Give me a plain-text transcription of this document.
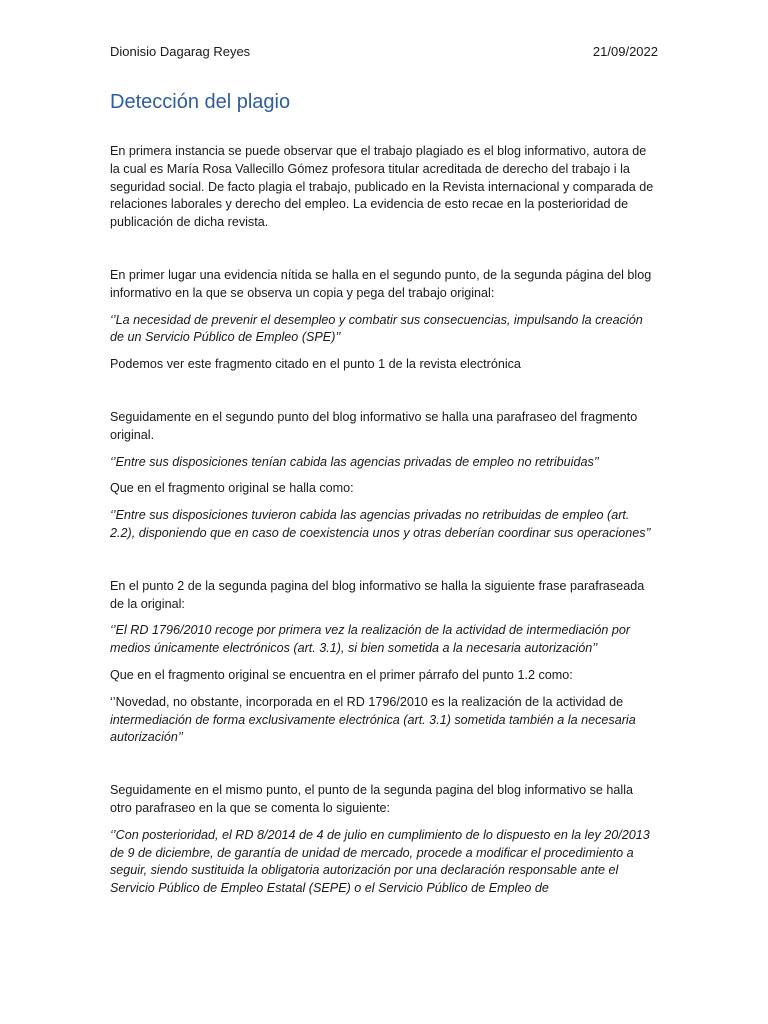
Dionisio Dagarag Reyes	21/09/2022
Detección del plagio

En primera instancia se puede observar que el trabajo plagiado es el blog informativo, autora de la cual es María Rosa Vallecillo Gómez profesora titular acreditada de derecho del trabajo i la seguridad social. De facto plagia el trabajo, publicado en la Revista internacional y comparada de relaciones laborales y derecho del empleo. La evidencia de esto recae en la posterioridad de publicación de dicha revista.

En primer lugar una evidencia nítida se halla en el segundo punto, de la segunda página del blog informativo en la que se observa un copia y pega del trabajo original:

‘’La necesidad de prevenir el desempleo y combatir sus consecuencias, impulsando la creación de un Servicio Público de Empleo (SPE)’’

Podemos ver este fragmento citado en el punto 1 de la revista electrónica

Seguidamente en el segundo punto del blog informativo se halla una parafraseo del fragmento original.

‘’Entre sus disposiciones tenían cabida las agencias privadas de empleo no retribuidas’’

Que en el fragmento original se halla como:

‘’Entre sus disposiciones tuvieron cabida las agencias privadas no retribuidas de empleo (art. 2.2), disponiendo que en caso de coexistencia unos y otras deberían coordinar sus operaciones’’

En el punto 2 de la segunda pagina del blog informativo se halla la siguiente frase parafraseada de la original:

‘’El RD 1796/2010 recoge por primera vez la realización de la actividad de intermediación por medios únicamente electrónicos (art. 3.1), si bien sometida a la necesaria autorización’’

Que en el fragmento original se encuentra en el primer párrafo del punto 1.2 como:

‘’Novedad, no obstante, incorporada en el RD 1796/2010 es la realización de la actividad de intermediación de forma exclusivamente electrónica (art. 3.1) sometida también a la necesaria autorización’’

Seguidamente en el mismo punto, el punto de la segunda pagina del blog informativo se halla otro parafraseo en la que se comenta lo siguiente:

‘’Con posterioridad, el RD 8/2014 de 4 de julio en cumplimiento de lo dispuesto en la ley 20/2013 de 9 de diciembre, de garantía de unidad de mercado, procede a modificar el procedimiento a seguir, siendo sustituida la obligatoria autorización por una declaración responsable ante el Servicio Público de Empleo Estatal (SEPE) o el Servicio Público de Empleo de
